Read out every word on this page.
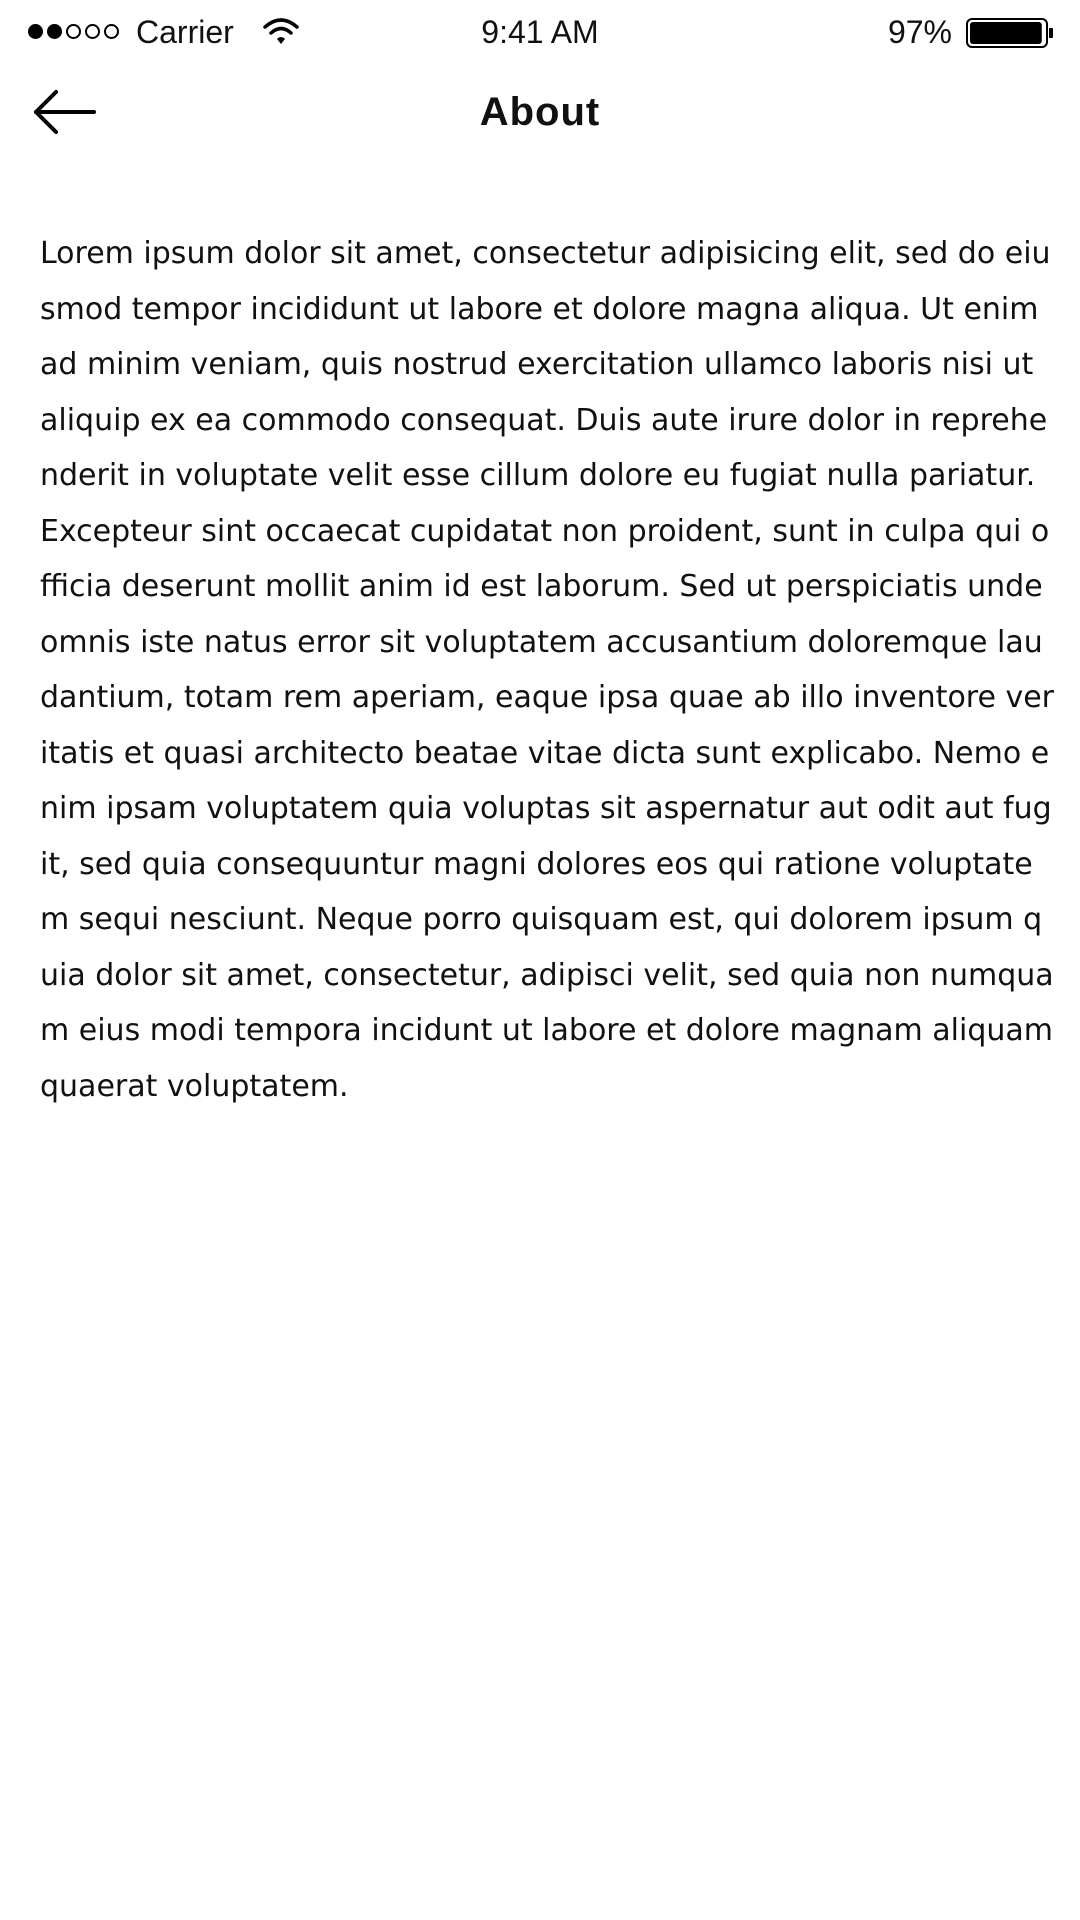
Carrier	9:41 AM	97%
About

Lorem ipsum dolor sit amet, consectetur adipisicing elit, sed do eiusmod tempor incididunt ut labore et dolore magna aliqua. Ut enim ad minim veniam, quis nostrud exercitation ullamco laboris nisi ut aliquip ex ea commodo consequat. Duis aute irure dolor in reprehenderit in voluptate velit esse cillum dolore eu fugiat nulla pariatur. Excepteur sint occaecat cupidatat non proident, sunt in culpa qui officia deserunt mollit anim id est laborum. Sed ut perspiciatis unde omnis iste natus error sit voluptatem accusantium doloremque laudantium, totam rem aperiam, eaque ipsa quae ab illo inventore veritatis et quasi architecto beatae vitae dicta sunt explicabo. Nemo enim ipsam voluptatem quia voluptas sit aspernatur aut odit aut fugit, sed quia consequuntur magni dolores eos qui ratione voluptatem sequi nesciunt. Neque porro quisquam est, qui dolorem ipsum quia dolor sit amet, consectetur, adipisci velit, sed quia non numquam eius modi tempora incidunt ut labore et dolore magnam aliquam quaerat voluptatem.
